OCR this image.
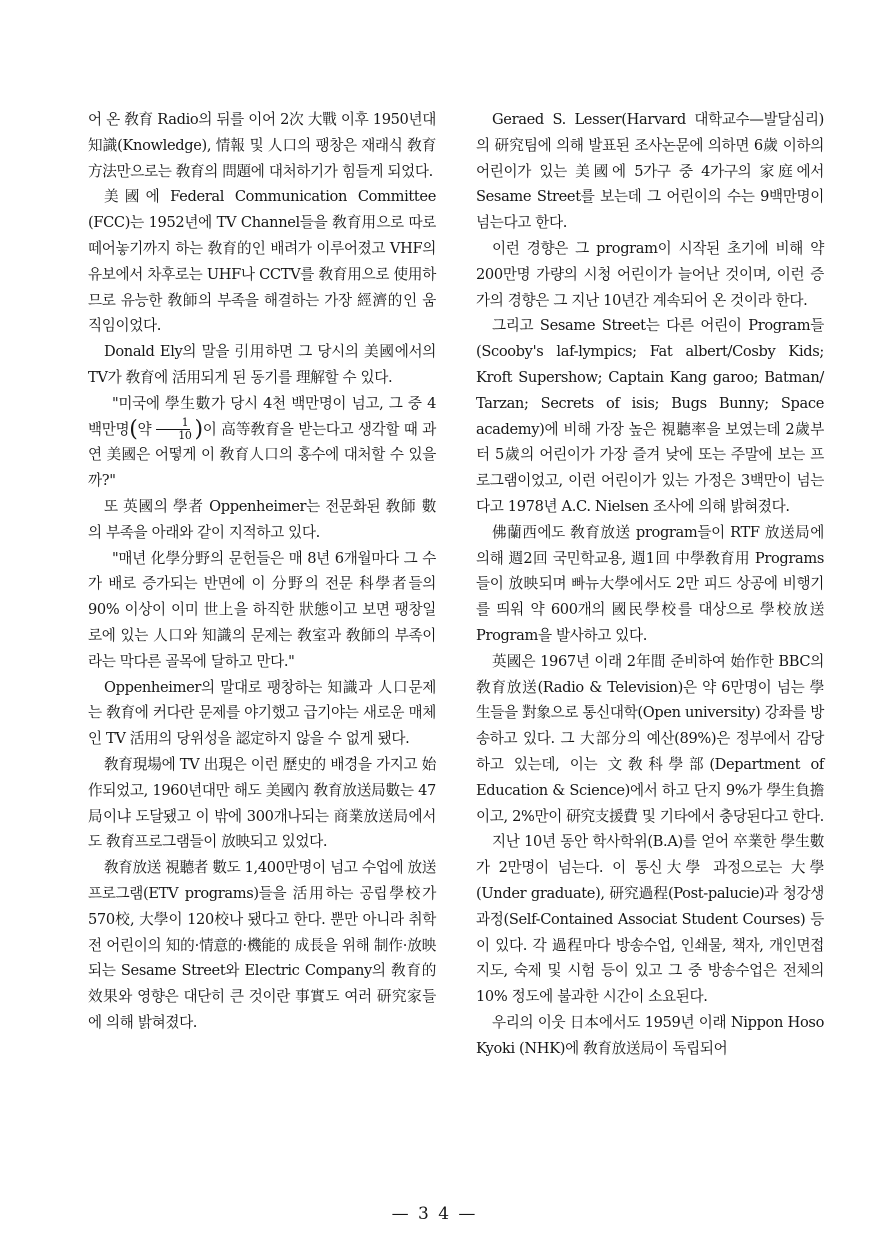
어 온 敎育 Radio의 뒤를 이어 2次 大戰 이후 1950년대 知識(Knowledge), 情報 및 人口의 팽창은 재래식 敎育方法만으로는 敎育의 問題에 대처하기가 힘들게 되었다.

美國에 Federal Communication Committee (FCC)는 1952년에 TV Channel들을 敎育用으로 따로 떼어놓기까지 하는 敎育的인 배려가 이루어졌고 VHF의 유보에서 차후로는 UHF나 CCTV를 敎育用으로 使用하므로 유능한 敎師의 부족을 해결하는 가장 經濟的인 움직임이었다.

Donald Ely의 말을 引用하면 그 당시의 美國에서의 TV가 敎育에 活用되게 된 동기를 理解할 수 있다.

"미국에 學生數가 당시 4천 백만명이 넘고, 그 중 4백만명(약 $\frac{1}{10}$ )이 高等敎育을 받는다고 생각할 때 과연 美國은 어떻게 이 敎育人口의 홍수에 대처할 수 있을까?"

또 英國의 學者 Oppenheimer는 전문화된 敎師 數의 부족을 아래와 같이 지적하고 있다.

"매년 化學分野의 문헌들은 매 8년 6개월마다 그 수가 배로 증가되는 반면에 이 分野의 전문 科學者들의 90% 이상이 이미 世上을 하직한 狀態이고 보면 팽창일로에 있는 人口와 知識의 문제는 敎室과 敎師의 부족이라는 막다른 골목에 달하고 만다."

Oppenheimer의 말대로 팽창하는 知識과 人口문제는 敎育에 커다란 문제를 야기했고 급기야는 새로운 매체인 TV 活用의 당위성을 認定하지 않을 수 없게 됐다.

敎育現場에 TV 出現은 이런 歷史的 배경을 가지고 始作되었고, 1960년대만 해도 美國內 敎育放送局數는 47局이냐 도달됐고 이 밖에 300개나되는 商業放送局에서도 敎育프로그램들이 放映되고 있었다.

敎育放送 視聽者 數도 1,400만명이 넘고 수업에 放送프로그램(ETV programs)들을 活用하는 공립學校가 570校, 大學이 120校나 됐다고 한다. 뿐만 아니라 취학전 어린이의 知的·情意的·機能的 成長을 위해 制作·放映되는 Sesame Street와 Electric Company의 敎育的 效果와 영향은 대단히 큰 것이란 事實도 여러 研究家들에 의해 밝혀졌다.

Geraed S. Lesser(Harvard 대학교수—발달심리)의 研究팀에 의해 발표된 조사논문에 의하면 6歲 이하의 어린이가 있는 美國에 5가구 중 4가구의 家庭에서 Sesame Street를 보는데 그 어린이의 수는 9백만명이 넘는다고 한다.

이런 경향은 그 program이 시작된 초기에 비해 약 200만명 가량의 시청 어린이가 늘어난 것이며, 이런 증가의 경향은 그 지난 10년간 계속되어 온 것이라 한다.

그리고 Sesame Street는 다른 어린이 Program들(Scooby's laf-lympics; Fat albert/Cosby Kids; Kroft Supershow; Captain Kang garoo; Batman/ Tarzan; Secrets of isis; Bugs Bunny; Space academy)에 비해 가장 높은 視聽率을 보였는데 2歲부터 5歲의 어린이가 가장 즐겨 낮에 또는 주말에 보는 프로그램이었고, 이런 어린이가 있는 가정은 3백만이 넘는다고 1978년 A.C. Nielsen 조사에 의해 밝혀졌다.

佛蘭西에도 敎育放送 program들이 RTF 放送局에 의해 週2回 국민학교용, 週1回 中學敎育用 Programs들이 放映되며 빠뉴大學에서도 2만 피드 상공에 비행기를 띄워 약 600개의 國民學校를 대상으로 學校放送 Program을 발사하고 있다.

英國은 1967년 이래 2年間 준비하여 始作한 BBC의 敎育放送(Radio & Television)은 약 6만명이 넘는 學生들을 對象으로 통신대학(Open university) 강좌를 방송하고 있다. 그 大部分의 예산(89%)은 정부에서 감당하고 있는데, 이는 文敎科學部(Department of Education & Science)에서 하고 단지 9%가 學生負擔이고, 2%만이 研究支援費 및 기타에서 충당된다고 한다.

지난 10년 동안 학사학위(B.A)를 얻어 卒業한 學生數가 2만명이 넘는다. 이 통신大學 과정으로는 大學(Under graduate), 研究過程(Post-palucie)과 청강생과정(Self-Contained Associat Student Courses) 등이 있다. 각 過程마다 방송수업, 인쇄물, 책자, 개인면접지도, 숙제 및 시험 등이 있고 그 중 방송수업은 전체의 10% 정도에 불과한 시간이 소요된다.

우리의 이웃 日本에서도 1959년 이래 Nippon Hoso Kyoki (NHK)에 敎育放送局이 독립되어

— 3 4 —
